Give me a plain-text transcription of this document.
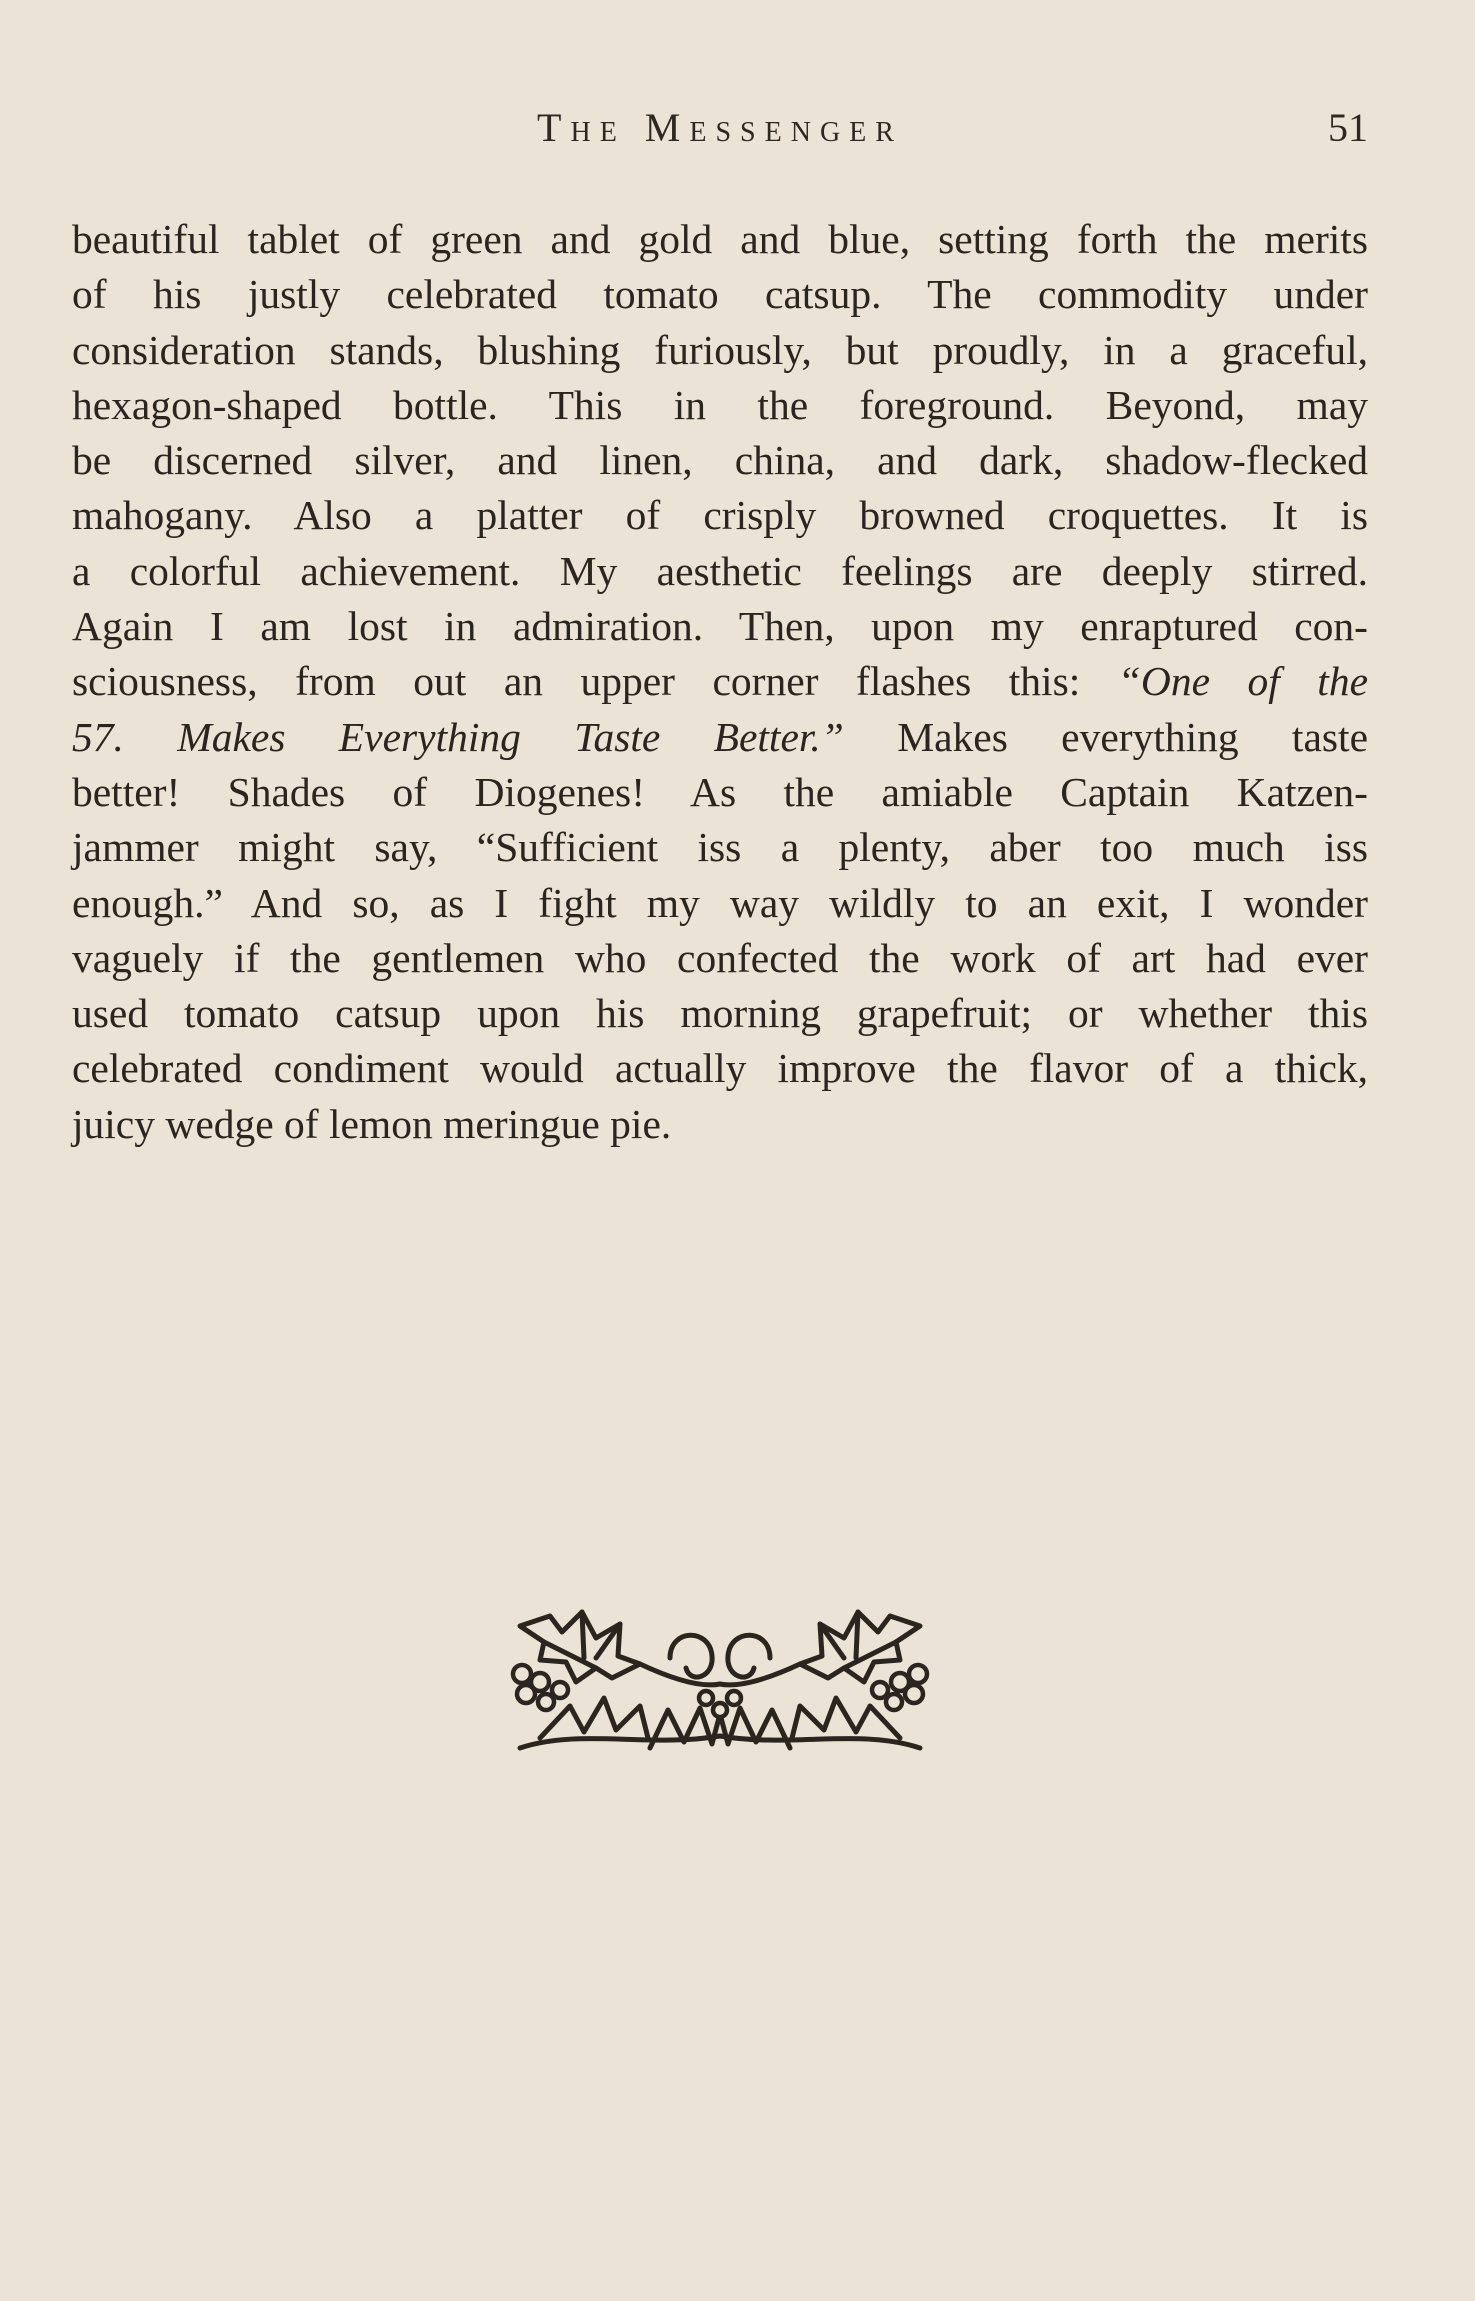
The Messenger	51

beautiful tablet of green and gold and blue, setting forth the merits
of his justly celebrated tomato catsup. The commodity under
consideration stands, blushing furiously, but proudly, in a graceful,
hexagon-shaped bottle. This in the foreground. Beyond, may
be discerned silver, and linen, china, and dark, shadow-flecked
mahogany. Also a platter of crisply browned croquettes. It is
a colorful achievement. My aesthetic feelings are deeply stirred.
Again I am lost in admiration. Then, upon my enraptured con-
sciousness, from out an upper corner flashes this: “One of the
57. Makes Everything Taste Better.” Makes everything taste
better! Shades of Diogenes! As the amiable Captain Katzen-
jammer might say, “Sufficient iss a plenty, aber too much iss
enough.” And so, as I fight my way wildly to an exit, I wonder
vaguely if the gentlemen who confected the work of art had ever
used tomato catsup upon his morning grapefruit; or whether this
celebrated condiment would actually improve the flavor of a thick,
juicy wedge of lemon meringue pie.
